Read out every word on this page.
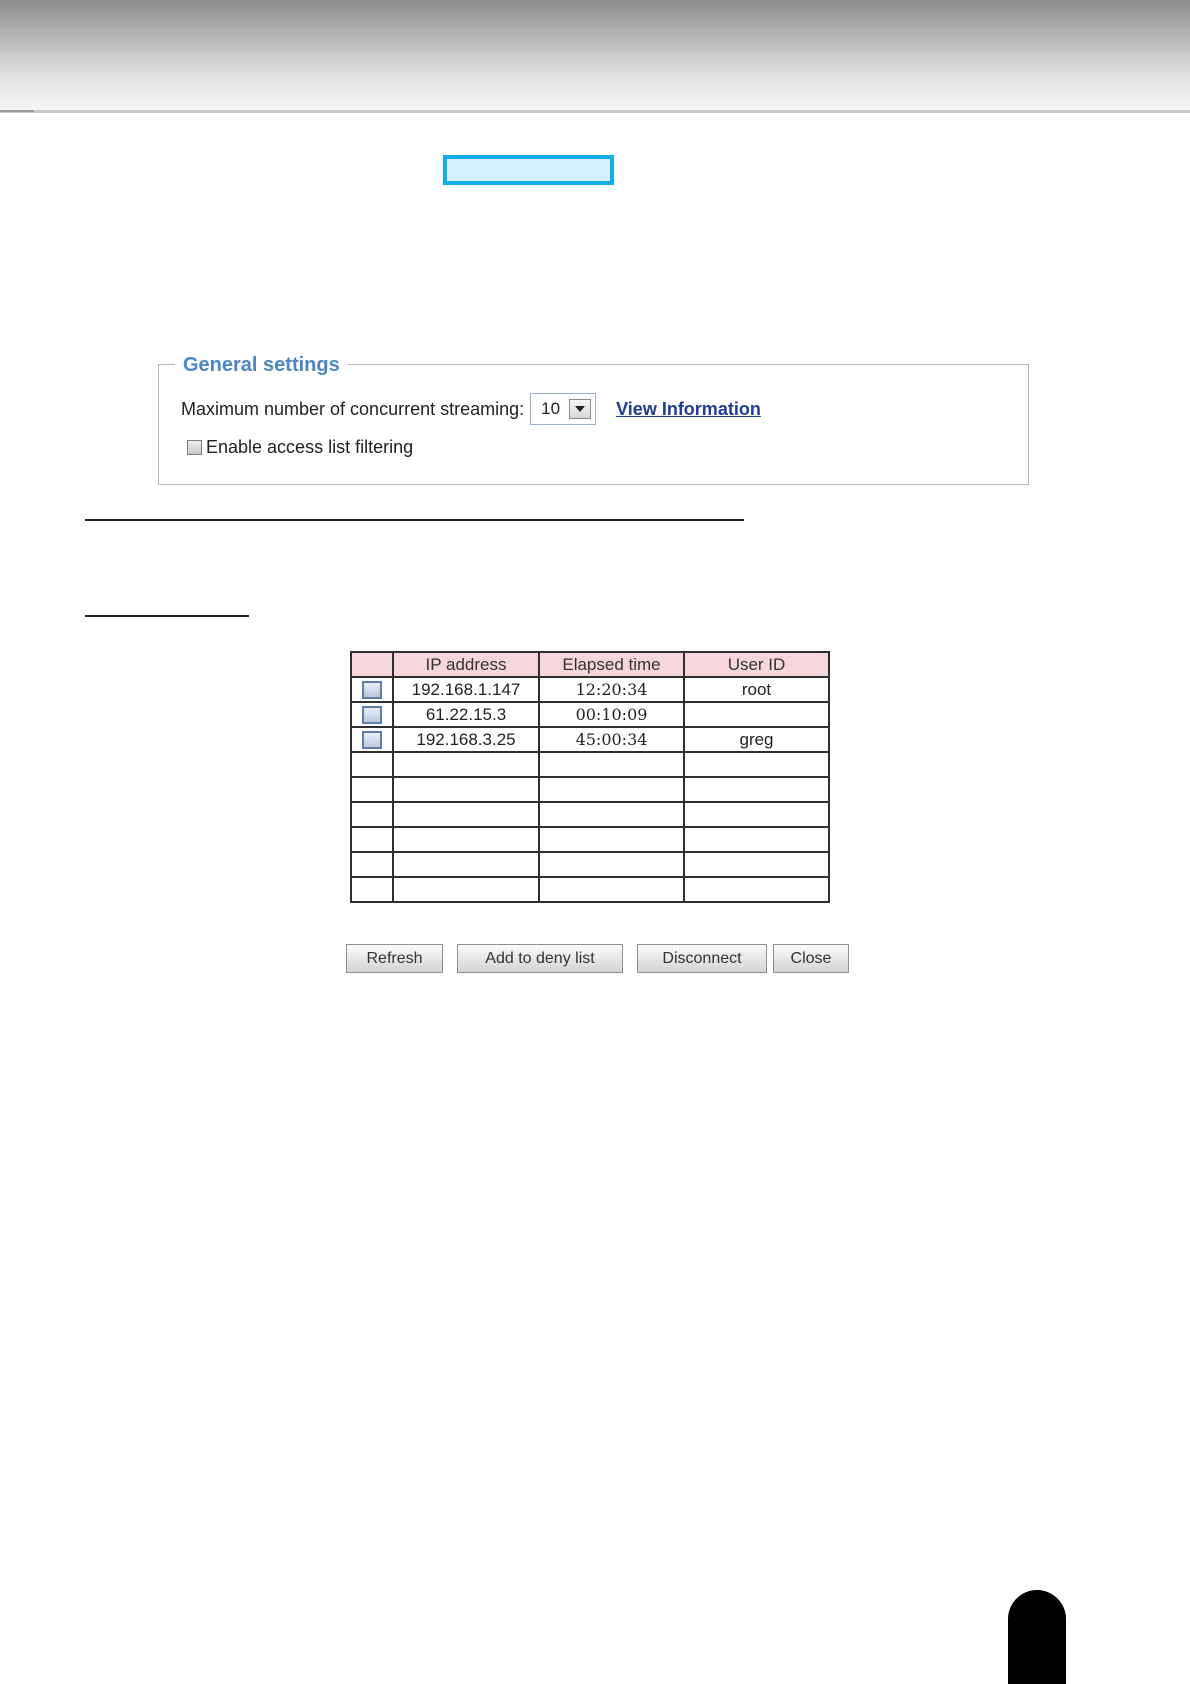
General settings
Maximum number of concurrent streaming: 10	View Information
Enable access list filtering
	IP address	Elapsed time	User ID
	192.168.1.147	12:20:34	root
	61.22.15.3	00:10:09	
	192.168.3.25	45:00:34	greg

Refresh	Add to deny list	Disconnect	Close
